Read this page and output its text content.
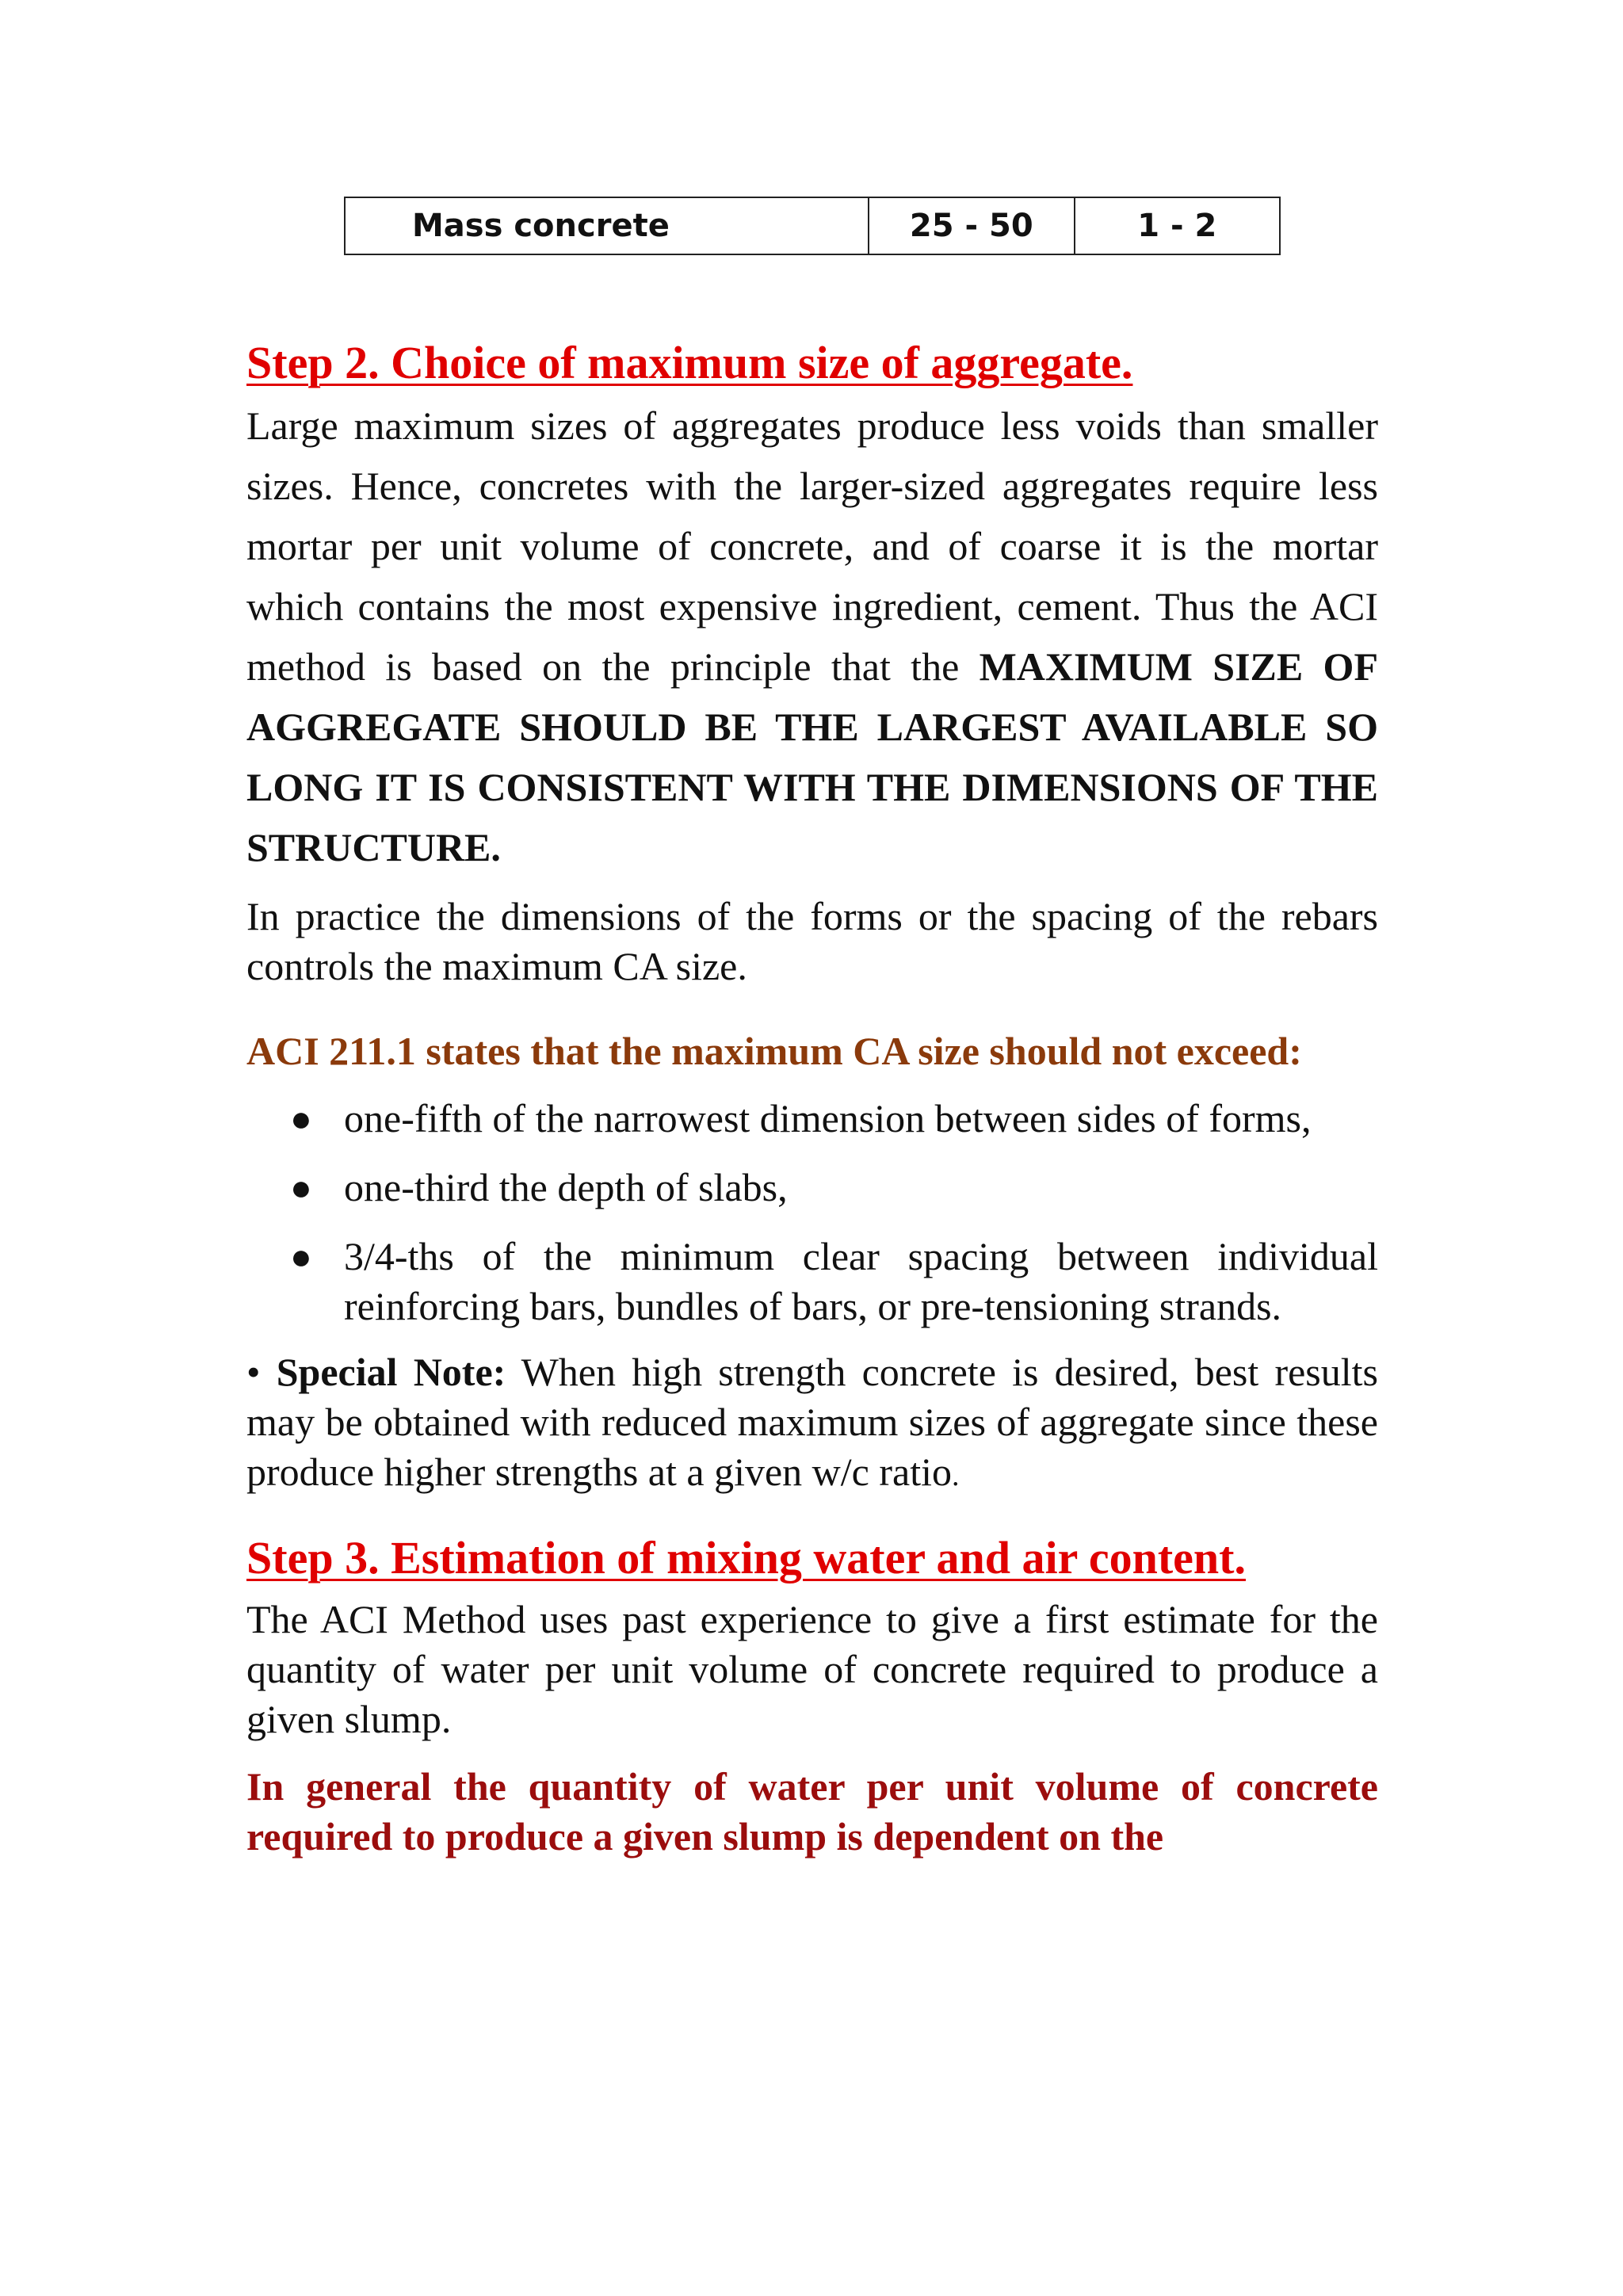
Mass concrete	25 - 50	1 - 2
Step 2. Choice of maximum size of aggregate.

Large maximum sizes of aggregates produce less voids than smaller sizes. Hence, concretes with the larger-sized aggregates require less mortar per unit volume of concrete, and of coarse it is the mortar which contains the most expensive ingredient, cement. Thus the ACI method is based on the principle that the MAXIMUM SIZE OF AGGREGATE SHOULD BE THE LARGEST AVAILABLE SO LONG IT IS CONSISTENT WITH THE DIMENSIONS OF THE STRUCTURE.

In practice the dimensions of the forms or the spacing of the rebars controls the maximum CA size.

ACI 211.1 states that the maximum CA size should not exceed:

● one-fifth of the narrowest dimension between sides of forms,
● one-third the depth of slabs,
● 3/4-ths of the minimum clear spacing between individual reinforcing bars, bundles of bars, or pre-tensioning strands.

• Special Note: When high strength concrete is desired, best results may be obtained with reduced maximum sizes of aggregate since these produce higher strengths at a given w/c ratio.

Step 3. Estimation of mixing water and air content.

The ACI Method uses past experience to give a first estimate for the quantity of water per unit volume of concrete required to produce a given slump.

In general the quantity of water per unit volume of concrete required to produce a given slump is dependent on the
